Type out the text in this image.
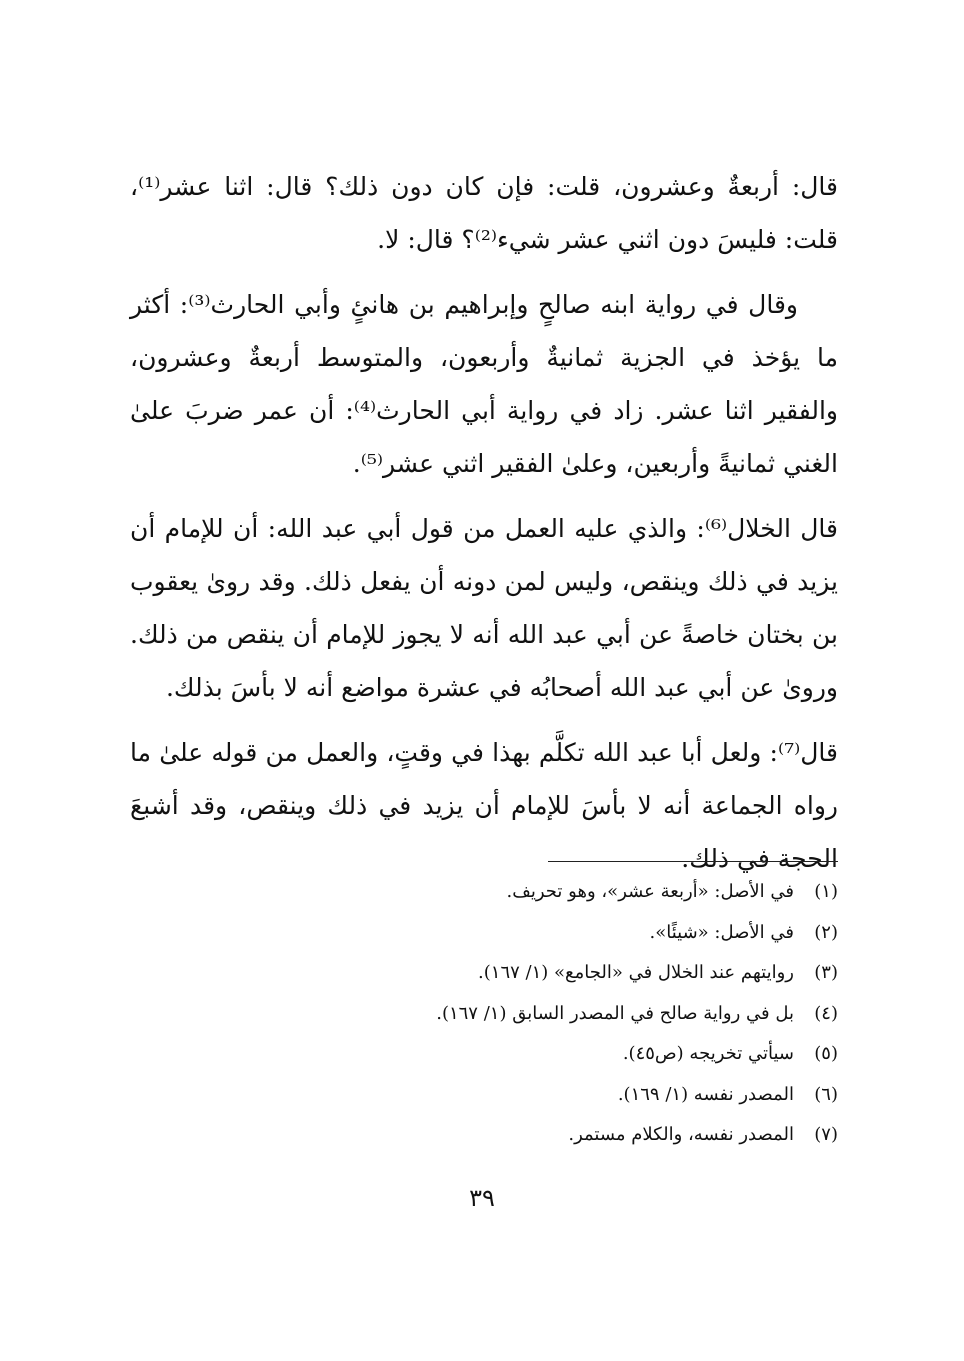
قال: أربعةٌ وعشرون، قلت: فإن كان دون ذلك؟ قال: اثنا عشر⁽¹⁾، قلت: فليسَ دون اثني عشر شيء⁽²⁾؟ قال: لا.

وقال في رواية ابنه صالحٍ وإبراهيم بن هانئٍ وأبي الحارث⁽³⁾: أكثر ما يؤخذ في الجزية ثمانيةٌ وأربعون، والمتوسط أربعةٌ وعشرون، والفقير اثنا عشر. زاد في رواية أبي الحارث⁽⁴⁾: أن عمر ضربَ علىٰ الغني ثمانيةً وأربعين، وعلىٰ الفقير اثني عشر⁽⁵⁾.

قال الخلال⁽⁶⁾: والذي عليه العمل من قول أبي عبد الله: أن للإمام أن يزيد في ذلك وينقص، وليس لمن دونه أن يفعل ذلك. وقد روىٰ يعقوب بن بختان خاصةً عن أبي عبد الله أنه لا يجوز للإمام أن ينقص من ذلك. وروىٰ عن أبي عبد الله أصحابُه في عشرة مواضع أنه لا بأسَ بذلك.

قال⁽⁷⁾: ولعل أبا عبد الله تكلَّم بهذا في وقتٍ، والعمل من قوله علىٰ ما رواه الجماعة أنه لا بأسَ للإمام أن يزيد في ذلك وينقص، وقد أشبعَ الحجة في ذلك.

(١)في الأصل: «أربعة عشر»، وهو تحريف.
(٢)في الأصل: «شيئًا».
(٣)روايتهم عند الخلال في «الجامع» (١/ ١٦٧).
(٤)بل في رواية صالح في المصدر السابق (١/ ١٦٧).
(٥)سيأتي تخريجه (ص٤٥).
(٦)المصدر نفسه (١/ ١٦٩).
(٧)المصدر نفسه، والكلام مستمر.
٣٩
